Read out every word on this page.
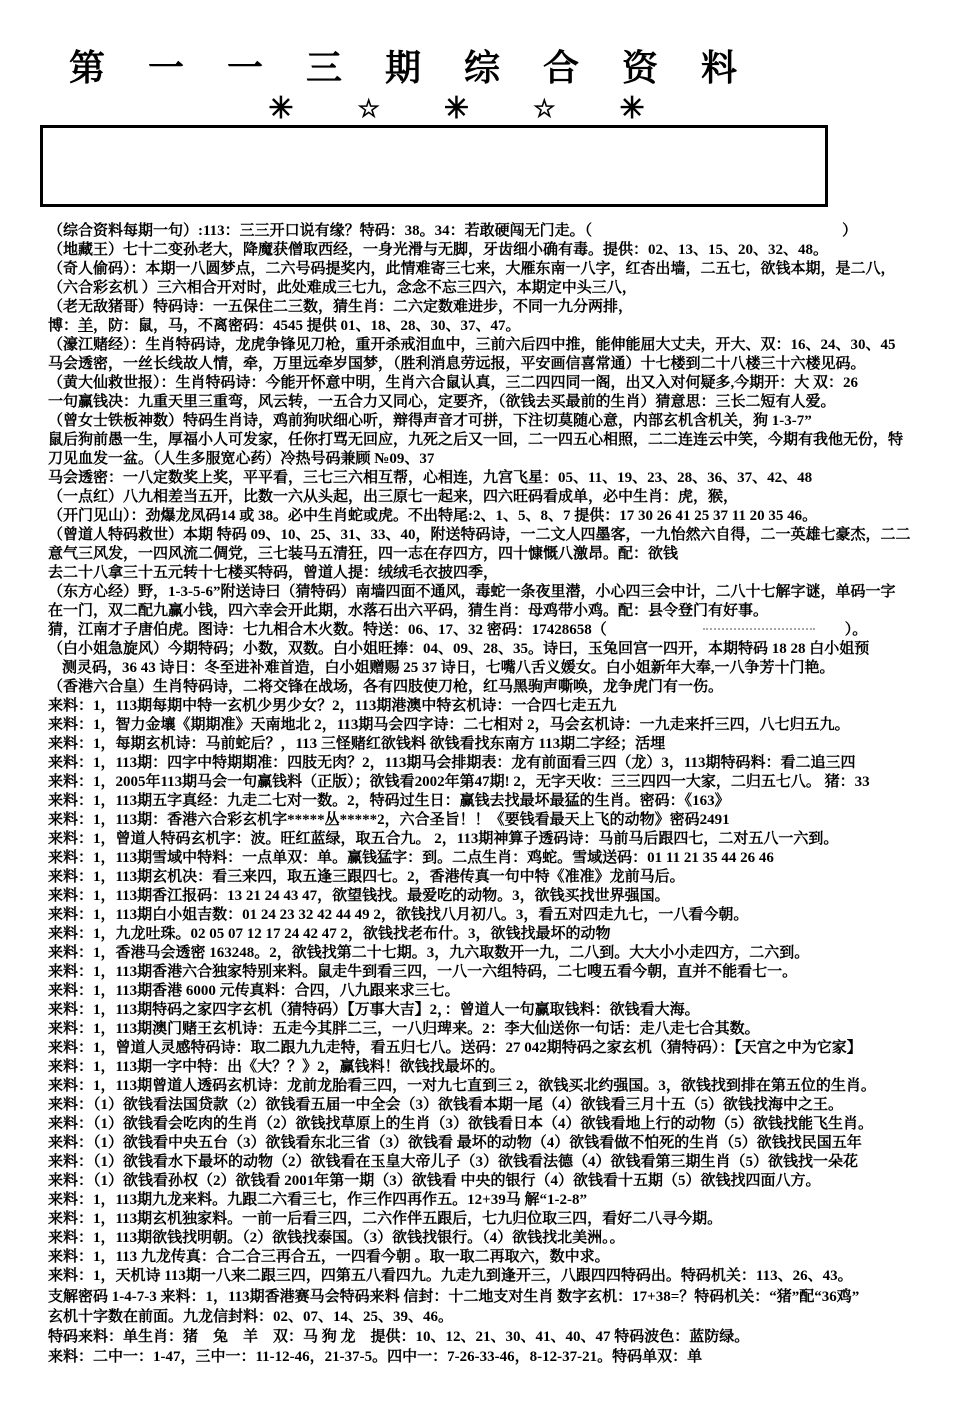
第 一 一 三 期 综 合 资 料
✳	☆ ✳	☆ ✳
（综合资料每期一句）:113：三三开口说有缘？特码：38。34：若敢硬闯无门走。（	）
（地藏王）七十二变孙老大，降魔获僧取西经，一身光滑与无脚，牙齿细小确有毒。提供：02、13、15、20、32、48。
（奇人偷码）：本期一八圆梦点，二六号码提奖内，此情难寄三七来，大雁东南一八字，红杏出墙，二五七，欲钱本期，是二八，
（六合彩玄机 ）三六相合开对时，此处难成三七九，念念不忘三四六，本期定中头三八，
（老无敌猪哥）特码诗：一五保住二三数，猜生肖：二六定数难进步，不同一九分两排，
博：羊，防：鼠，马，不离密码：4545 提供 01、18、28、30、37、47。
（濠江赌经）：生肖特码诗，龙虎争锋见刀枪，重开杀戒泪血中，三前六后四中推，能伸能屈大丈夫，开大、双：16、24、30、45
马会透密，一丝长线故人情，牵，万里远牵岁国梦，（胜利消息劳远报，平安画信喜常通）十七楼到二十八楼三十六楼见码。
（黄大仙救世报）：生肖特码诗：今能开怀意中明，生肖六合鼠认真，三二四四同一阁，出又入对何疑多,今期开：大 双：26
一句赢钱决：九重天里三重弯，风云转，一五合力又同心，定要齐，（欲钱去买最前的生肖）猜意思：三长二短有人爱。
（曾女士铁板神数）特码生肖诗，鸡前狗吠细心听，辩得声音才可拼，下注切莫随心意，内部玄机含机关，狗 1-3-7”
鼠后狗前愚一生，厚福小人可发家，任你打骂无回应，九死之后又一回，二一四五心相照，二二连连云中笑，今期有我他无份，特
刀见血发一盆。（人生多服宽心药）冷热号码兼顾 №09、37
马会透密：一八定数奖上奖，平平看，三七三六相互帮，心相连，九宫飞星：05、11、19、23、28、36、37、42、48
（一点红）八九相差当五开，比数一六从头起，出三原七一起来，四六旺码看成单，必中生肖：虎，猴，
（开门见山）：劲爆龙凤码14 或 38。必中生肖蛇或虎。不出特尾:2、1、5、8、7 提供：17 30 26 41 25 37 11 20 35 46。
（曾道人特码救世）本期 特码 09、10、25、31、33、40，附送特码诗，一二文人四墨客，一九怡然六自得，二一英雄七豪杰，二二
意气三风发，一四风流二倜党，三七装马五清狂，四一志在存四方，四十慷慨八激昂。配：欲钱
去二十八拿三十五元转十七楼买特码，曾道人提：绒绒毛衣披四季，
（东方心经）野，1-3-5-6”附送诗曰（猜特码）南墙四面不通风，毒蛇一条夜里潜，小心四三会中计，二八十七解字谜，单码一字
在一门，双二配九赢小钱，四六幸会开此期，水落石出六平码，猜生肖：母鸡带小鸡。配：县令登门有好事。
猜，江南才子唐伯虎。图诗：七九相合木火数。特送：06、17、32 密码：17428658（	）。
（白小姐急旋风）今期特码；小数，双数。白小姐旺捧：04、09、28、35。诗曰，玉兔回宫一四开，本期特码 18 28 白小姐预
测灵码，36 43 诗日：冬至进补难首造，白小姐赠赐 25 37 诗日，七嘴八舌义媛女。白小姐新年大奉,一八争芳十门艳。
（香港六合皇）生肖特码诗，二将交锋在战场，各有四肢使刀枪，红马黑驹声嘶唤，龙争虎门有一伤。
来料：1，113期每期中特一玄机少男少女？2，113期港澳中特玄机诗：一合四七走五九
来料：1，智力金壤《期期准》天南地北 2，113期马会四字诗：二七相对 2，马会玄机诗：一九走来扦三四，八七归五九。
来料：1，每期玄机诗：马前蛇后？，113 三怪赌红欲钱料 欲钱看找东南方 113期二字经；活埋
来料：1，113期：四字中特期期准：四肢无肉？2，113期马会排期表：龙有前面看三四（龙）3，113期特码料：看二追三四
来料：1，2005年113期马会一句赢钱料（正版）；欲钱看2002年第47期! 2，无字天收：三三四四一大家，二归五七八。 猪：33
来料：1，113期五字真经：九走二七对一数。2，特码过生日：赢钱去找最坏最猛的生肖。密码：《163》
来料：1，113期：香港六合彩玄机字*****丛*****2，六合圣旨！！《要钱看最天上飞的动物》密码2491
来料：1，曾道人特码玄机字：波。旺红蓝绿，取五合九。 2，113期神算子透码诗：马前马后跟四七，二对五八一六到。
来料：1，113期雪域中特料：一点单双：单。赢钱猛字：到。二点生肖：鸡蛇。雪域送码：01 11 21 35 44 26 46
来料：1，113期玄机决：看三来四，取五逢三跟四七。2，香港传真一句中特《准准》龙前马后。
来料：1，113期香江报码：13 21 24 43 47，欲望钱找。最爱吃的动物。3，欲钱买找世界强国。
来料：1，113期白小姐吉数：01 24 23 32 42 44 49 2，欲钱找八月初八。3，看五对四走九七，一八看今朝。
来料：1，九龙吐珠。02 05 07 12 17 24 42 47 2，欲钱找老布什。3，欲钱找最坏的动物
来料：1，香港马会透密 163248。2，欲钱找第二十七期。3，九六取数开一九，二八到。大大小小走四方，二六到。
来料：1，113期香港六合独家特别来料。鼠走牛到看三四，一八一六组特码，二七嗖五看今朝，直并不能看七一。
来料：1，113期香港 6000 元传真料：合四，八九跟来求三七。
来料：1，113期特码之家四字玄机（猜特码）【万事大吉】2，：曾道人一句赢取钱料：欲钱看大海。
来料：1，113期澳门赌王玄机诗：五走今其胖二三，一八归琕来。2：李大仙送你一句话：走八走七合其数。
来料：1，曾道人灵感特码诗：取二跟九九走特，看五归七八。送码：27 042期特码之家玄机（猜特码）：【天宫之中为它家】
来料：1，113期一字中特：出《大？？》2，赢钱料！欲钱找最坏的。
来料：1，113期曾道人透码玄机诗：龙前龙胎看三四，一对九七直到三 2，欲钱买北约强国。3，欲钱找到排在第五位的生肖。
来料：（1）欲钱看法国贷款（2）欲钱看五届一中全会（3）欲钱看本期一尾（4）欲钱看三月十五（5）欲钱找海中之王。
来料：（1）欲钱看会吃肉的生肖（2）欲钱找草原上的生肖（3）欲钱看日本（4）欲钱看地上行的动物（5）欲钱找能飞生肖。
来料：（1）欲钱看中央五台（3）欲钱看东北三省（3）欲钱看 最坏的动物（4）欲钱看做不怕死的生肖（5）欲钱找民国五年
来料：（1）欲钱看水下最坏的动物（2）欲钱看在玉皇大帝儿子（3）欲钱看法德（4）欲钱看第三期生肖（5）欲钱找一朵花
来料：（1）欲钱看孙权（2）欲钱看 2001年第一期（3）欲钱看 中央的银行（4）欲钱看十五期（5）欲钱找四面八方。
来料：1，113期九龙来料。九跟二六看三七，作三作四再作五。12+39马 解“1-2-8”
来料：1，113期玄机独家料。一前一后看三四，二六作伴五跟后，七九归位取三四，看好二八寻今期。
来料：1，113期欲钱找明朝。（2）欲钱找泰国。（3）欲钱找银行。（4）欲钱找北美洲。。
来料：1，113 九龙传真：合二合三再合五，一四看今朝 。取一取二再取六，数中求。
来料：1，天机诗 113期一八来二跟三四，四第五八看四九。九走九到逢开三，八跟四四特码出。特码机关：113、26、43。
支解密码 1-4-7-3 来料：1，113期香港赛马会特码来料 信封：十二地支对生肖 数字玄机：17+38=？特码机关：“猪”配“36鸡”
玄机十字数在前面。九龙信封料：02、07、14、25、39、46。
特码来料：单生肖：猪　兔　羊　双：马 狗 龙　提供：10、12、21、30、41、40、47 特码波色：蓝防绿。
来料：二中一：1-47，三中一：11-12-46，21-37-5。四中一：7-26-33-46，8-12-37-21。特码单双：单
